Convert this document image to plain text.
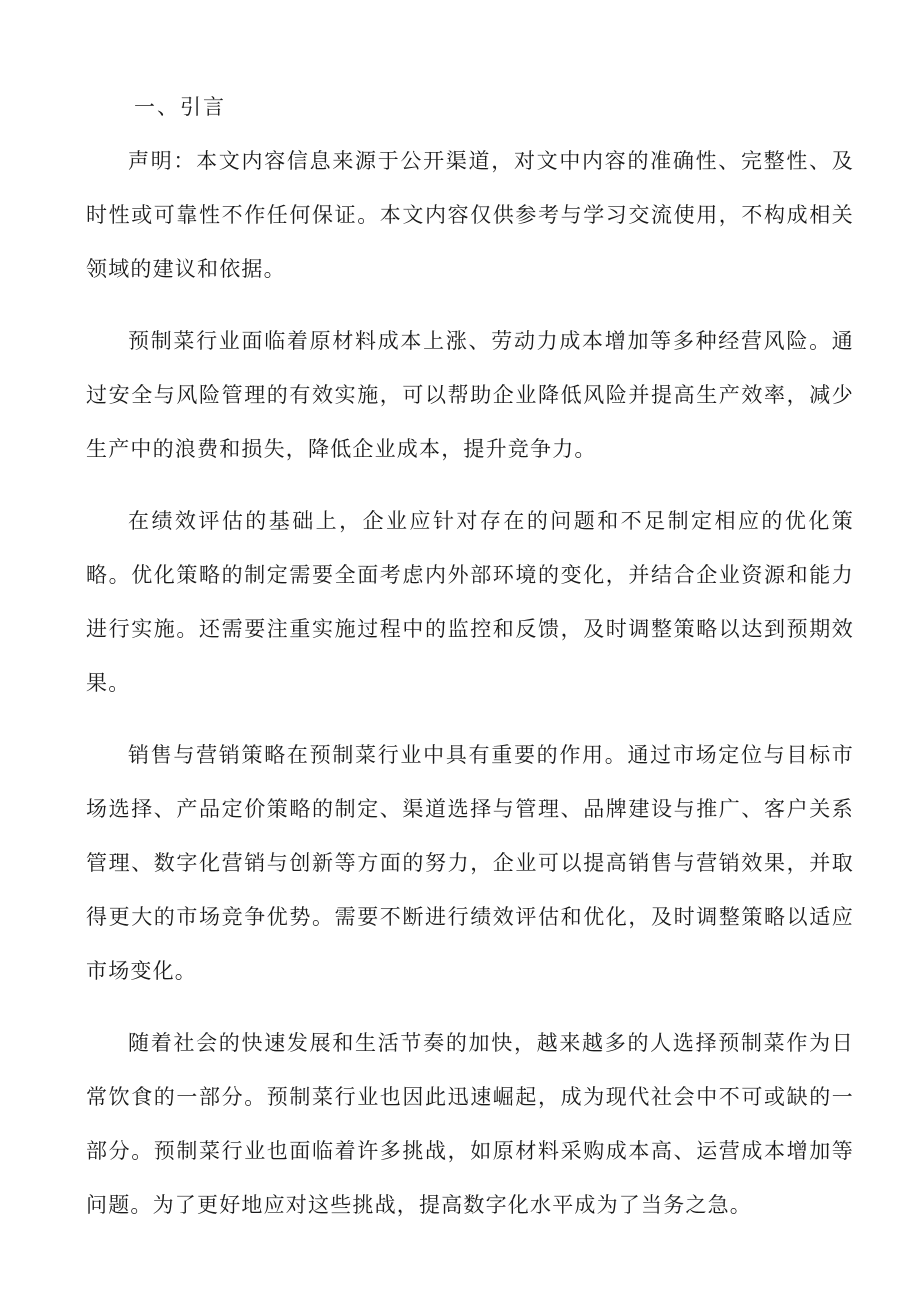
一、引言

声明：本文内容信息来源于公开渠道，对文中内容的准确性、完整性、及时性或可靠性不作任何保证。本文内容仅供参考与学习交流使用，不构成相关领域的建议和依据。

预制菜行业面临着原材料成本上涨、劳动力成本增加等多种经营风险。通过安全与风险管理的有效实施，可以帮助企业降低风险并提高生产效率，减少生产中的浪费和损失，降低企业成本，提升竞争力。

在绩效评估的基础上，企业应针对存在的问题和不足制定相应的优化策略。优化策略的制定需要全面考虑内外部环境的变化，并结合企业资源和能力进行实施。还需要注重实施过程中的监控和反馈，及时调整策略以达到预期效果。

销售与营销策略在预制菜行业中具有重要的作用。通过市场定位与目标市场选择、产品定价策略的制定、渠道选择与管理、品牌建设与推广、客户关系管理、数字化营销与创新等方面的努力，企业可以提高销售与营销效果，并取得更大的市场竞争优势。需要不断进行绩效评估和优化，及时调整策略以适应市场变化。

随着社会的快速发展和生活节奏的加快，越来越多的人选择预制菜作为日常饮食的一部分。预制菜行业也因此迅速崛起，成为现代社会中不可或缺的一部分。预制菜行业也面临着许多挑战，如原材料采购成本高、运营成本增加等问题。为了更好地应对这些挑战，提高数字化水平成为了当务之急。
